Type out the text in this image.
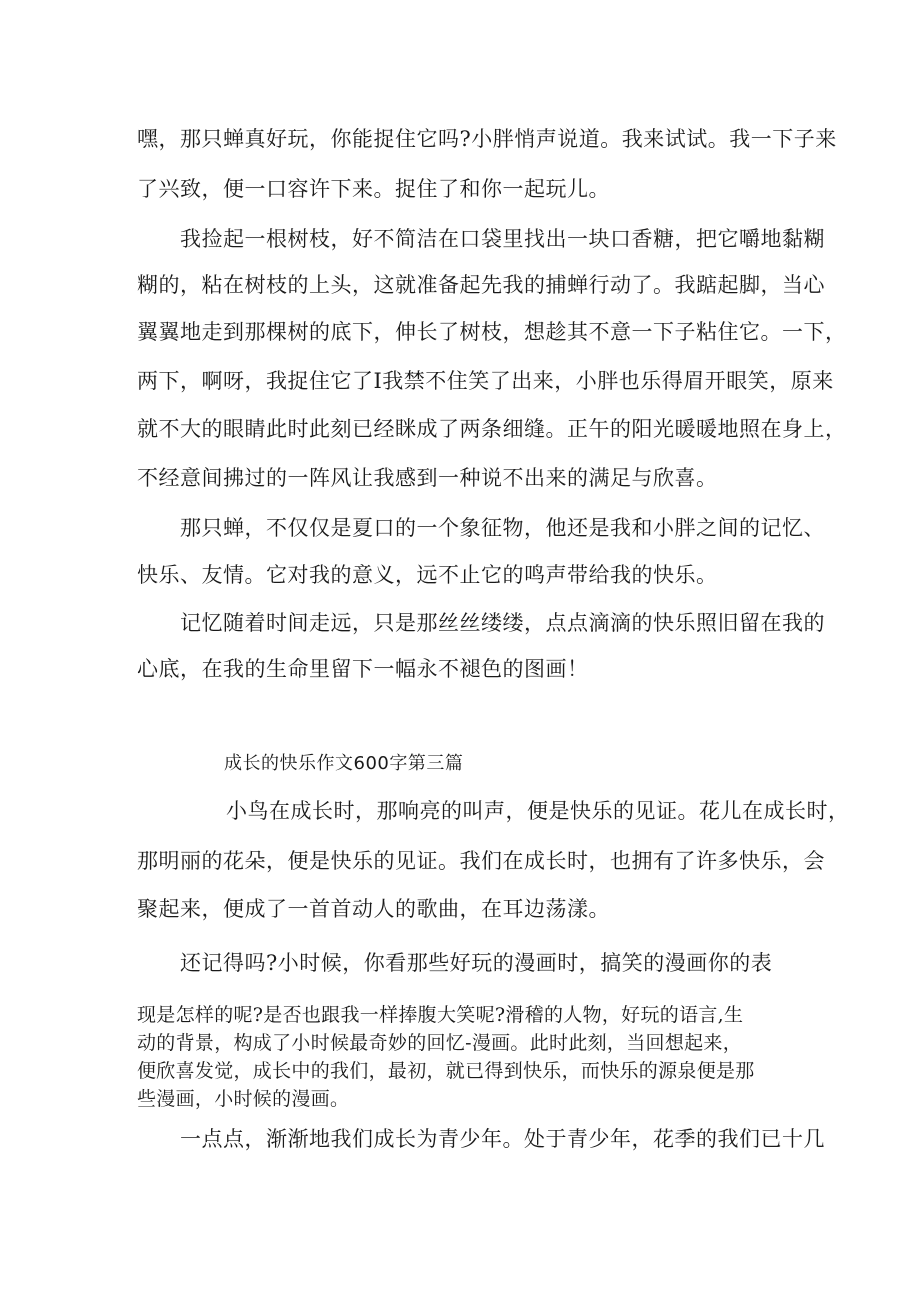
嘿，那只蝉真好玩，你能捉住它吗?小胖悄声说道。我来试试。我一下子来
了兴致，便一口容许下来。捉住了和你一起玩儿。
我捡起一根树枝，好不简洁在口袋里找出一块口香糖，把它嚼地黏糊
糊的，粘在树枝的上头，这就准备起先我的捕蝉行动了。我踮起脚，当心
翼翼地走到那棵树的底下，伸长了树枝，想趁其不意一下子粘住它。一下，
两下，啊呀，我捉住它了I我禁不住笑了出来，小胖也乐得眉开眼笑，原来
就不大的眼睛此时此刻已经眯成了两条细缝。正午的阳光暖暖地照在身上，
不经意间拂过的一阵风让我感到一种说不出来的满足与欣喜。
那只蝉，不仅仅是夏口的一个象征物，他还是我和小胖之间的记忆、
快乐、友情。它对我的意义，远不止它的鸣声带给我的快乐。
记忆随着时间走远，只是那丝丝缕缕，点点滴滴的快乐照旧留在我的
心底，在我的生命里留下一幅永不褪色的图画！
成长的快乐作文600字第三篇
小鸟在成长时，那响亮的叫声，便是快乐的见证。花儿在成长时，
那明丽的花朵，便是快乐的见证。我们在成长时，也拥有了许多快乐，会
聚起来，便成了一首首动人的歌曲，在耳边荡漾。
还记得吗?小时候，你看那些好玩的漫画时，搞笑的漫画你的表
现是怎样的呢?是否也跟我一样捧腹大笑呢?滑稽的人物，好玩的语言,生
动的背景，构成了小时候最奇妙的回忆-漫画。此时此刻，当回想起来，
便欣喜发觉，成长中的我们，最初，就已得到快乐，而快乐的源泉便是那
些漫画，小时候的漫画。
一点点，渐渐地我们成长为青少年。处于青少年，花季的我们已十几
